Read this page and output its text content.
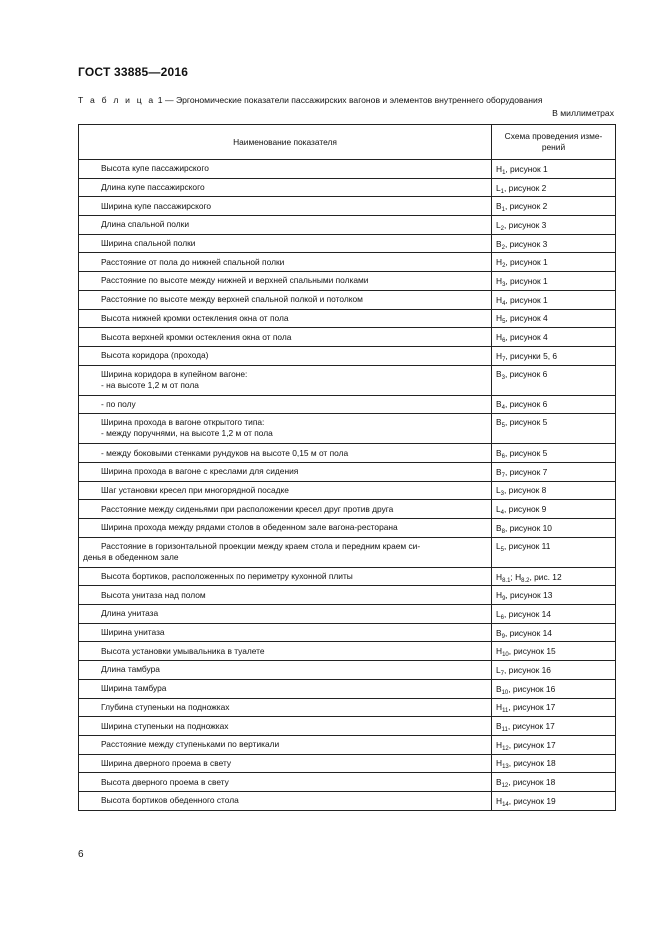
ГОСТ 33885—2016
Т а б л и ц а 1 — Эргономические показатели пассажирских вагонов и элементов внутреннего оборудования
В миллиметрах
Наименование показателя	Схема проведения изме-рений
Высота купе пассажирского	$H_1$, рисунок 1
Длина купе пассажирского	$L_1$, рисунок 2
Ширина купе пассажирского	$B_1$, рисунок 2
Длина спальной полки	$L_2$, рисунок 3
Ширина спальной полки	$B_2$, рисунок 3
Расстояние от пола до нижней спальной полки	$H_2$, рисунок 1
Расстояние по высоте между нижней и верхней спальными полками	$H_3$, рисунок 1
Расстояние по высоте между верхней спальной полкой и потолком	$H_4$, рисунок 1
Высота нижней кромки остекления окна от пола	$H_5$, рисунок 4
Высота верхней кромки остекления окна от пола	$H_6$, рисунок 4
Высота коридора (прохода)	$H_7$, рисунки 5, 6

Ширина коридора в купейном вагоне:
- на высоте 1,2 м от пола	$B_3$, рисунок 6
- по полу	$B_4$, рисунок 6

Ширина прохода в вагоне открытого типа:
- между поручнями, на высоте 1,2 м от пола	$B_5$, рисунок 5
- между боковыми стенками рундуков на высоте 0,15 м от пола	$B_6$, рисунок 5
Ширина прохода в вагоне с креслами для сидения	$B_7$, рисунок 7
Шаг установки кресел при многорядной посадке	$L_3$, рисунок 8
Расстояние между сиденьями при расположении кресел друг против друга	$L_4$, рисунок 9
Ширина прохода между рядами столов в обеденном зале вагона-ресторана	$B_8$, рисунок 10

Расстояние в горизонтальной проекции между краем стола и передним краем си-
денья в обеденном зале	$L_5$, рисунок 11
Высота бортиков, расположенных по периметру кухонной плиты	$H_{8.1}$; $H_{8.2}$, рис. 12
Высота унитаза над полом	$H_9$, рисунок 13
Длина унитаза	$L_6$, рисунок 14
Ширина унитаза	$B_9$, рисунок 14
Высота установки умывальника в туалете	$H_{10}$, рисунок 15
Длина тамбура	$L_7$, рисунок 16
Ширина тамбура	$B_{10}$, рисунок 16
Глубина ступеньки на подножках	$H_{11}$, рисунок 17
Ширина ступеньки на подножках	$B_{11}$, рисунок 17
Расстояние между ступеньками по вертикали	$H_{12}$, рисунок 17
Ширина дверного проема в свету	$H_{13}$, рисунок 18
Высота дверного проема в свету	$B_{12}$, рисунок 18
Высота бортиков обеденного стола	$H_{14}$, рисунок 19
6
